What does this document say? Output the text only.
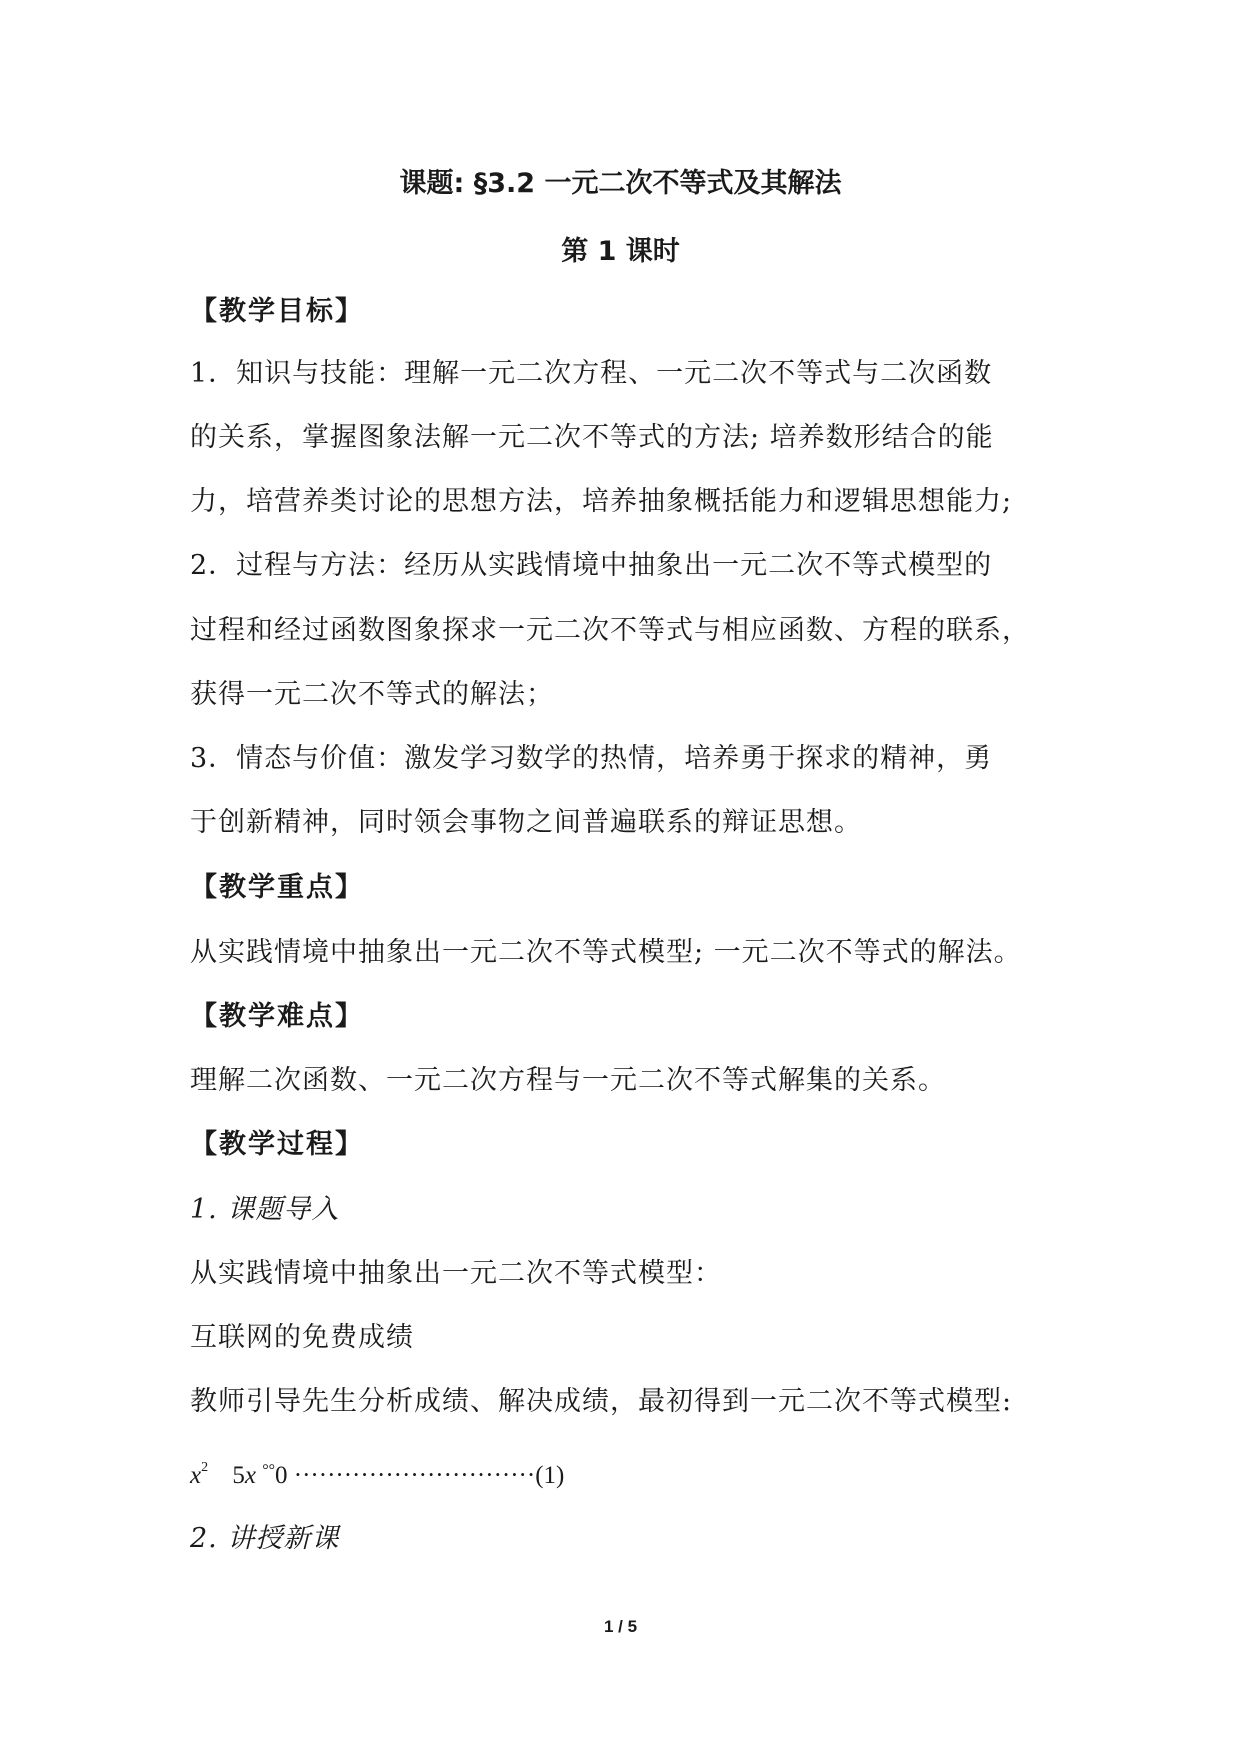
课题: §3.2 一元二次不等式及其解法
第 1 课时
【教学目标】
1．知识与技能：理解一元二次方程、一元二次不等式与二次函数
的关系，掌握图象法解一元二次不等式的方法; 培养数形结合的能
力，培营养类讨论的思想方法，培养抽象概括能力和逻辑思想能力;
2．过程与方法：经历从实践情境中抽象出一元二次不等式模型的
过程和经过函数图象探求一元二次不等式与相应函数、方程的联系，
获得一元二次不等式的解法；
3．情态与价值：激发学习数学的热情，培养勇于探求的精神，勇
于创新精神，同时领会事物之间普遍联系的辩证思想。
【教学重点】
从实践情境中抽象出一元二次不等式模型; 一元二次不等式的解法。
【教学难点】
理解二次函数、一元二次方程与一元二次不等式解集的关系。
【教学过程】
1. 课题导入
从实践情境中抽象出一元二次不等式模型：
互联网的免费成绩
教师引导先生分析成绩、解决成绩，最初得到一元二次不等式模型:
$x^2$ 5x °°0 ·····························(1)
2. 讲授新课
1 / 5
